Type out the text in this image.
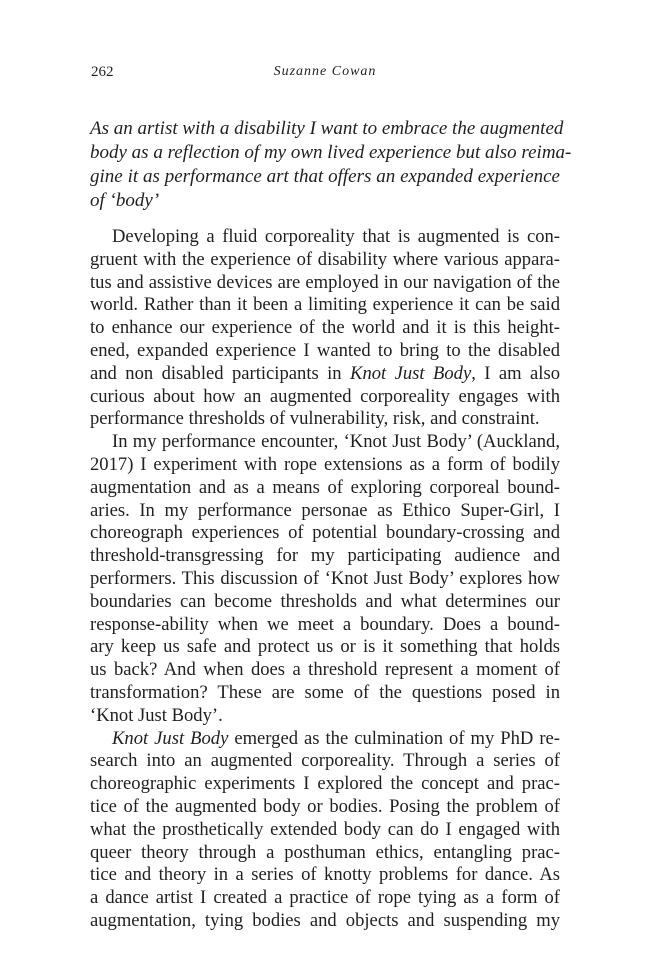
262	Suzanne Cowan
As an artist with a disability I want to embrace the augmented
body as a reflection of my own lived experience but also reima-
gine it as performance art that offers an expanded experience
of ‘body’
Developing a fluid corporeality that is augmented is con-
gruent with the experience of disability where various appara-
tus and assistive devices are employed in our navigation of the
world. Rather than it been a limiting experience it can be said
to enhance our experience of the world and it is this height-
ened, expanded experience I wanted to bring to the disabled
and non disabled participants in Knot Just Body, I am also
curious about how an augmented corporeality engages with
performance thresholds of vulnerability, risk, and constraint.
In my performance encounter, ‘Knot Just Body’ (Auckland,
2017) I experiment with rope extensions as a form of bodily
augmentation and as a means of exploring corporeal bound-
aries. In my performance personae as Ethico Super-Girl, I
choreograph experiences of potential boundary-crossing and
threshold-transgressing for my participating audience and
performers. This discussion of ‘Knot Just Body’ explores how
boundaries can become thresholds and what determines our
response-ability when we meet a boundary. Does a bound-
ary keep us safe and protect us or is it something that holds
us back? And when does a threshold represent a moment of
transformation? These are some of the questions posed in
‘Knot Just Body’.
Knot Just Body emerged as the culmination of my PhD re-
search into an augmented corporeality. Through a series of
choreographic experiments I explored the concept and prac-
tice of the augmented body or bodies. Posing the problem of
what the prosthetically extended body can do I engaged with
queer theory through a posthuman ethics, entangling prac-
tice and theory in a series of knotty problems for dance. As
a dance artist I created a practice of rope tying as a form of
augmentation, tying bodies and objects and suspending my
